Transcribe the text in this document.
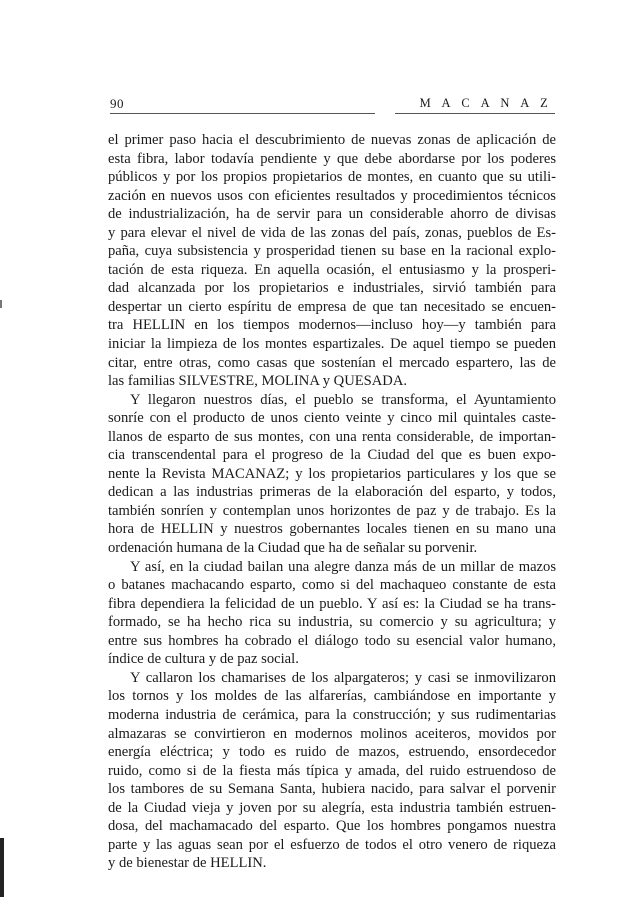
90	M A C A N A Z
el primer paso hacia el descubrimiento de nuevas zonas de aplicación de
esta fibra, labor todavía pendiente y que debe abordarse por los poderes
públicos y por los propios propietarios de montes, en cuanto que su utili-
zación en nuevos usos con eficientes resultados y procedimientos técnicos
de industrialización, ha de servir para un considerable ahorro de divisas
y para elevar el nivel de vida de las zonas del país, zonas, pueblos de Es-
paña, cuya subsistencia y prosperidad tienen su base en la racional explo-
tación de esta riqueza. En aquella ocasión, el entusiasmo y la prosperi-
dad alcanzada por los propietarios e industriales, sirvió también para
despertar un cierto espíritu de empresa de que tan necesitado se encuen-
tra HELLIN en los tiempos modernos—incluso hoy—y también para
iniciar la limpieza de los montes espartizales. De aquel tiempo se pueden
citar, entre otras, como casas que sostenían el mercado espartero, las de
las familias SILVESTRE, MOLINA y QUESADA.
Y llegaron nuestros días, el pueblo se transforma, el Ayuntamiento
sonríe con el producto de unos ciento veinte y cinco mil quintales caste-
llanos de esparto de sus montes, con una renta considerable, de importan-
cia transcendental para el progreso de la Ciudad del que es buen expo-
nente la Revista MACANAZ; y los propietarios particulares y los que se
dedican a las industrias primeras de la elaboración del esparto, y todos,
también sonríen y contemplan unos horizontes de paz y de trabajo. Es la
hora de HELLIN y nuestros gobernantes locales tienen en su mano una
ordenación humana de la Ciudad que ha de señalar su porvenir.
Y así, en la ciudad bailan una alegre danza más de un millar de mazos
o batanes machacando esparto, como si del machaqueo constante de esta
fibra dependiera la felicidad de un pueblo. Y así es: la Ciudad se ha trans-
formado, se ha hecho rica su industria, su comercio y su agricultura; y
entre sus hombres ha cobrado el diálogo todo su esencial valor humano,
índice de cultura y de paz social.
Y callaron los chamarises de los alpargateros; y casi se inmovilizaron
los tornos y los moldes de las alfarerías, cambiándose en importante y
moderna industria de cerámica, para la construcción; y sus rudimentarias
almazaras se convirtieron en modernos molinos aceiteros, movidos por
energía eléctrica; y todo es ruido de mazos, estruendo, ensordecedor
ruido, como si de la fiesta más típica y amada, del ruido estruendoso de
los tambores de su Semana Santa, hubiera nacido, para salvar el porvenir
de la Ciudad vieja y joven por su alegría, esta industria también estruen-
dosa, del machamacado del esparto. Que los hombres pongamos nuestra
parte y las aguas sean por el esfuerzo de todos el otro venero de riqueza
y de bienestar de HELLIN.
